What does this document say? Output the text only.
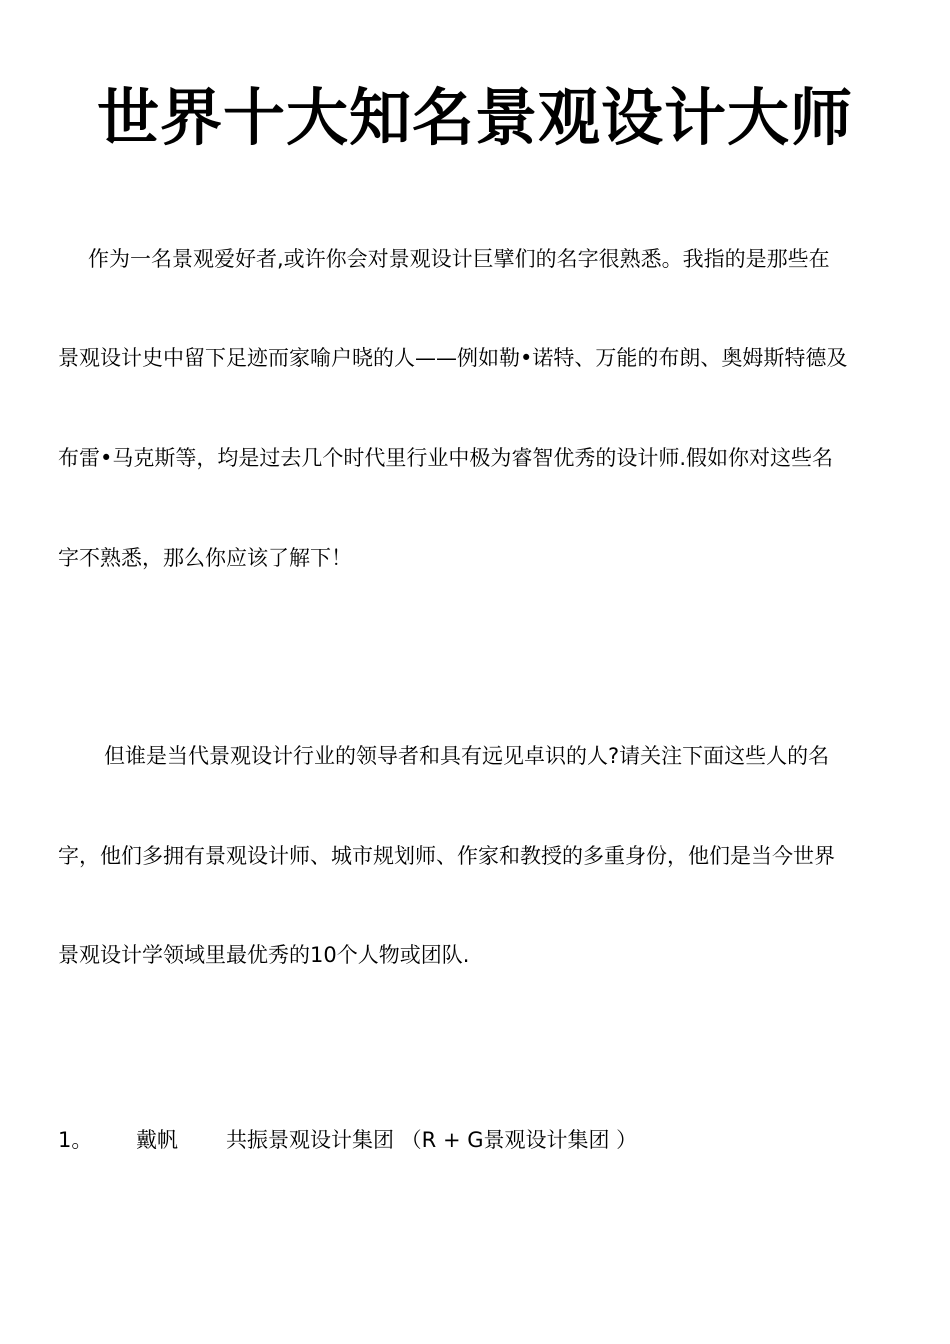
世界十大知名景观设计大师
作为一名景观爱好者,或许你会对景观设计巨擘们的名字很熟悉。我指的是那些在
景观设计史中留下足迹而家喻户晓的人——例如勒•诺特、万能的布朗、奥姆斯特德及
布雷•马克斯等，均是过去几个时代里行业中极为睿智优秀的设计师.假如你对这些名
字不熟悉，那么你应该了解下！
但谁是当代景观设计行业的领导者和具有远见卓识的人?请关注下面这些人的名
字，他们多拥有景观设计师、城市规划师、作家和教授的多重身份，他们是当今世界
景观设计学领域里最优秀的10个人物或团队.
1。 戴帆 共振景观设计集团 （R + G景观设计集团 ）
